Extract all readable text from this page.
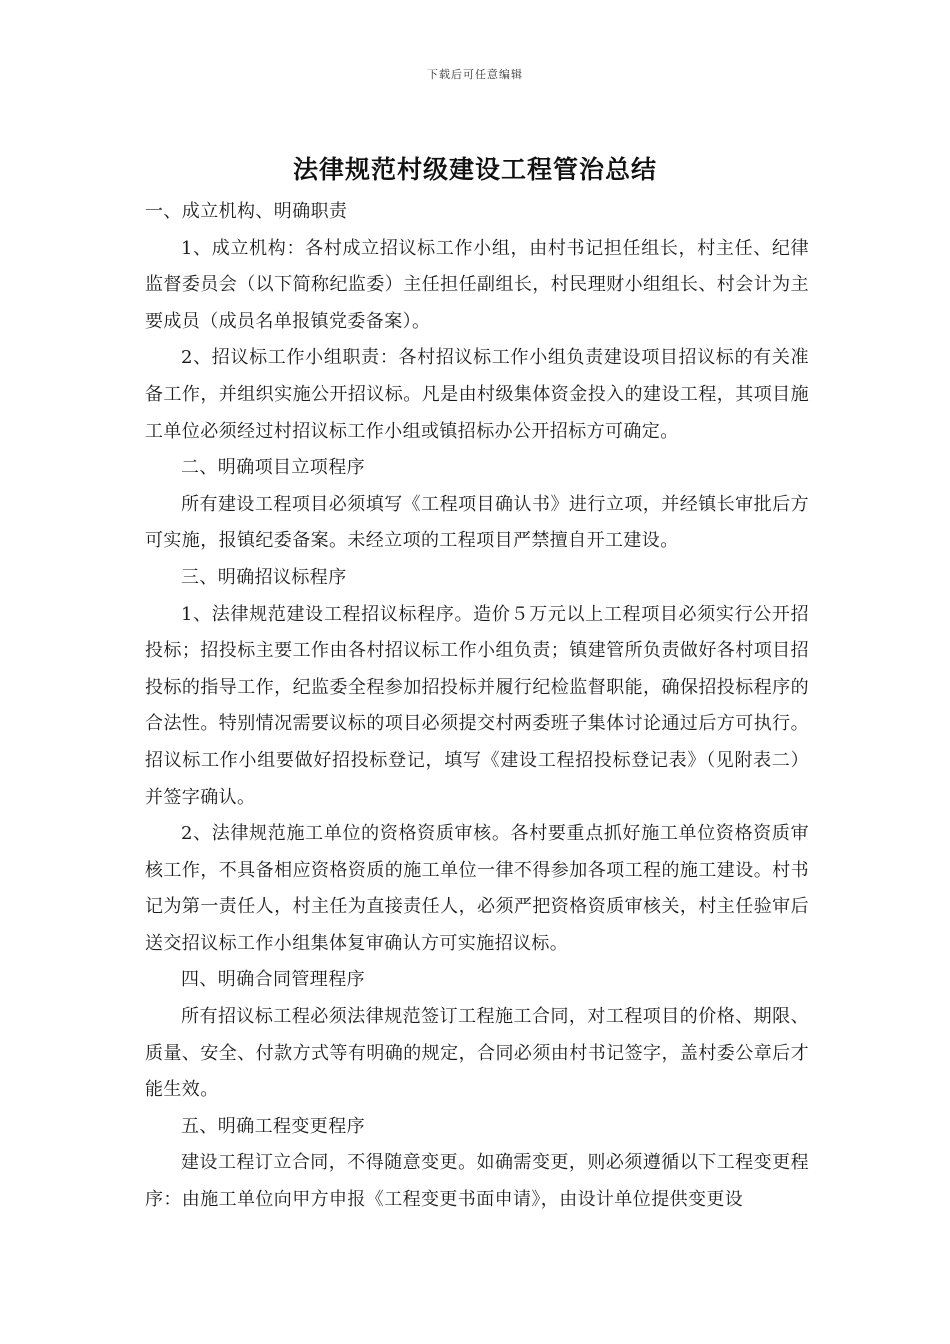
下载后可任意编辑
法律规范村级建设工程管治总结

一、成立机构、明确职责

1、成立机构：各村成立招议标工作小组，由村书记担任组长，村主任、纪律监督委员会（以下简称纪监委）主任担任副组长，村民理财小组组长、村会计为主要成员（成员名单报镇党委备案）。

2、招议标工作小组职责：各村招议标工作小组负责建设项目招议标的有关准备工作，并组织实施公开招议标。凡是由村级集体资金投入的建设工程，其项目施工单位必须经过村招议标工作小组或镇招标办公开招标方可确定。

二、明确项目立项程序

所有建设工程项目必须填写《工程项目确认书》进行立项，并经镇长审批后方可实施，报镇纪委备案。未经立项的工程项目严禁擅自开工建设。

三、明确招议标程序

1、法律规范建设工程招议标程序。造价５万元以上工程项目必须实行公开招投标；招投标主要工作由各村招议标工作小组负责；镇建管所负责做好各村项目招投标的指导工作，纪监委全程参加招投标并履行纪检监督职能，确保招投标程序的合法性。特别情况需要议标的项目必须提交村两委班子集体讨论通过后方可执行。招议标工作小组要做好招投标登记，填写《建设工程招投标登记表》（见附表二）并签字确认。

2、法律规范施工单位的资格资质审核。各村要重点抓好施工单位资格资质审核工作，不具备相应资格资质的施工单位一律不得参加各项工程的施工建设。村书记为第一责任人，村主任为直接责任人，必须严把资格资质审核关，村主任验审后送交招议标工作小组集体复审确认方可实施招议标。

四、明确合同管理程序

所有招议标工程必须法律规范签订工程施工合同，对工程项目的价格、期限、质量、安全、付款方式等有明确的规定，合同必须由村书记签字，盖村委公章后才能生效。

五、明确工程变更程序

建设工程订立合同，不得随意变更。如确需变更，则必须遵循以下工程变更程序：由施工单位向甲方申报《工程变更书面申请》，由设计单位提供变更设
